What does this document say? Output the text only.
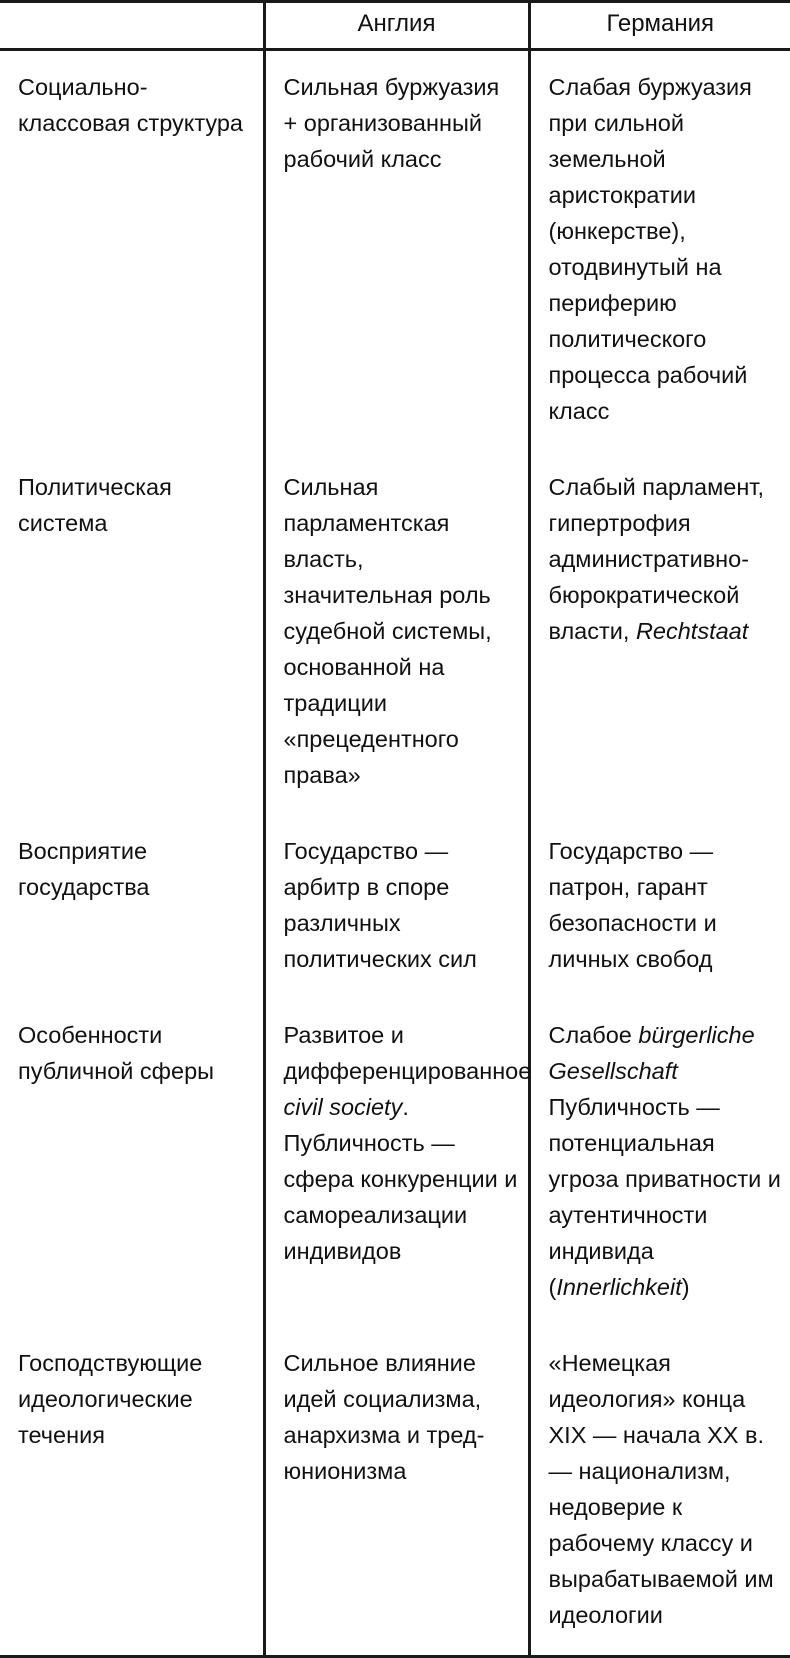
	Англия	Германия
Социально-классовая структура	Сильная буржуазия + организованный рабочий класс	Слабая буржуазия при сильной земельной аристократии (юнкерстве), отодвинутый на периферию политического процесса рабочий класс
Политическая система	Сильная парламентская власть, значительная роль судебной системы, основанной на традиции «прецедентного права»	Слабый парламент, гипертрофия административно-бюрократической власти, Rechtstaat
Восприятие государства	Государство — арбитр в споре различных политических сил	Государство — патрон, гарант безопасности и личных свобод
Особенности публичной сферы	Развитое и дифференцированное civil society. Публичность — сфера конкуренции и самореализации индивидов	Слабое bürgerliche Gesellschaft Публичность — потенциальная угроза приватности и аутентичности индивида (Innerlichkeit)
Господствующие идеологические течения	Сильное влияние идей социализма, анархизма и тред-юнионизма	«Немецкая идеология» конца XIX — начала XX в. — национализм, недоверие к рабочему классу и вырабатываемой им идеологии
